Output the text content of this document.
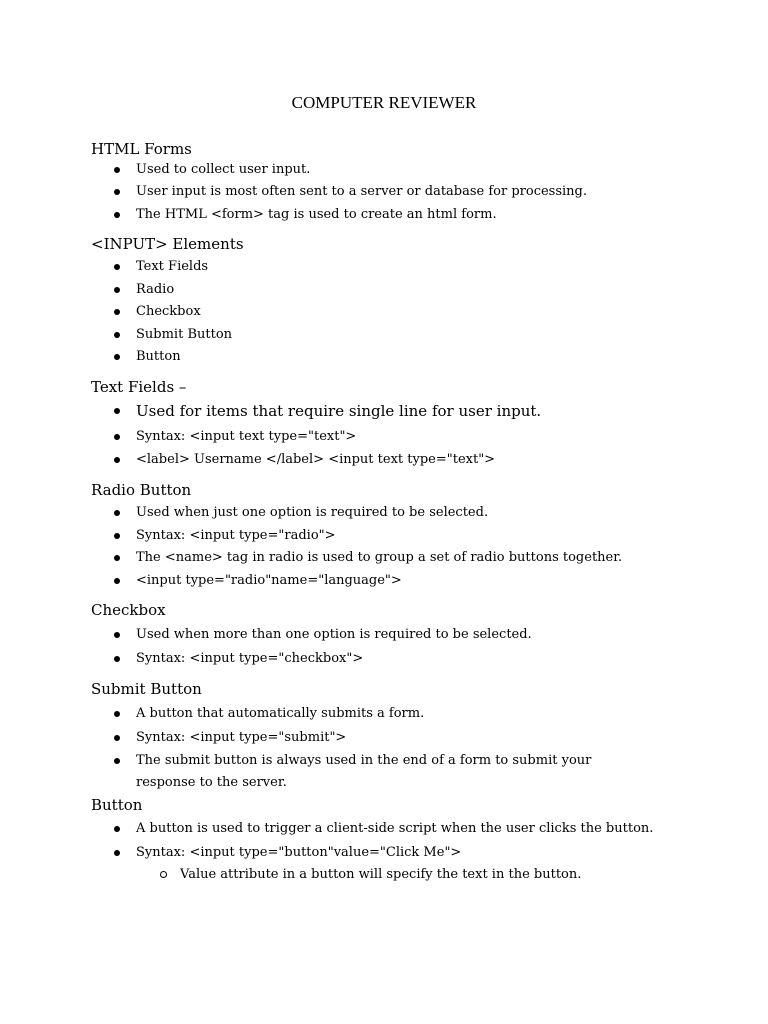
COMPUTER REVIEWER
HTML Forms
Used to collect user input.
User input is most often sent to a server or database for processing.
The HTML <form> tag is used to create an html form.
<INPUT> Elements
Text Fields
Radio
Checkbox
Submit Button
Button
Text Fields –
Used for items that require single line for user input.
Syntax: <input text type="text">
<label> Username </label> <input text type="text">
Radio Button
Used when just one option is required to be selected.
Syntax: <input type="radio">
The <name> tag in radio is used to group a set of radio buttons together.
<input type="radio"name="language">
Checkbox
Used when more than one option is required to be selected.
Syntax: <input type="checkbox">
Submit Button
A button that automatically submits a form.
Syntax: <input type="submit">
The submit button is always used in the end of a form to submit your response to the server.
Button
A button is used to trigger a client-side script when the user clicks the button.
Syntax: <input type="button"value="Click Me">
Value attribute in a button will specify the text in the button.
